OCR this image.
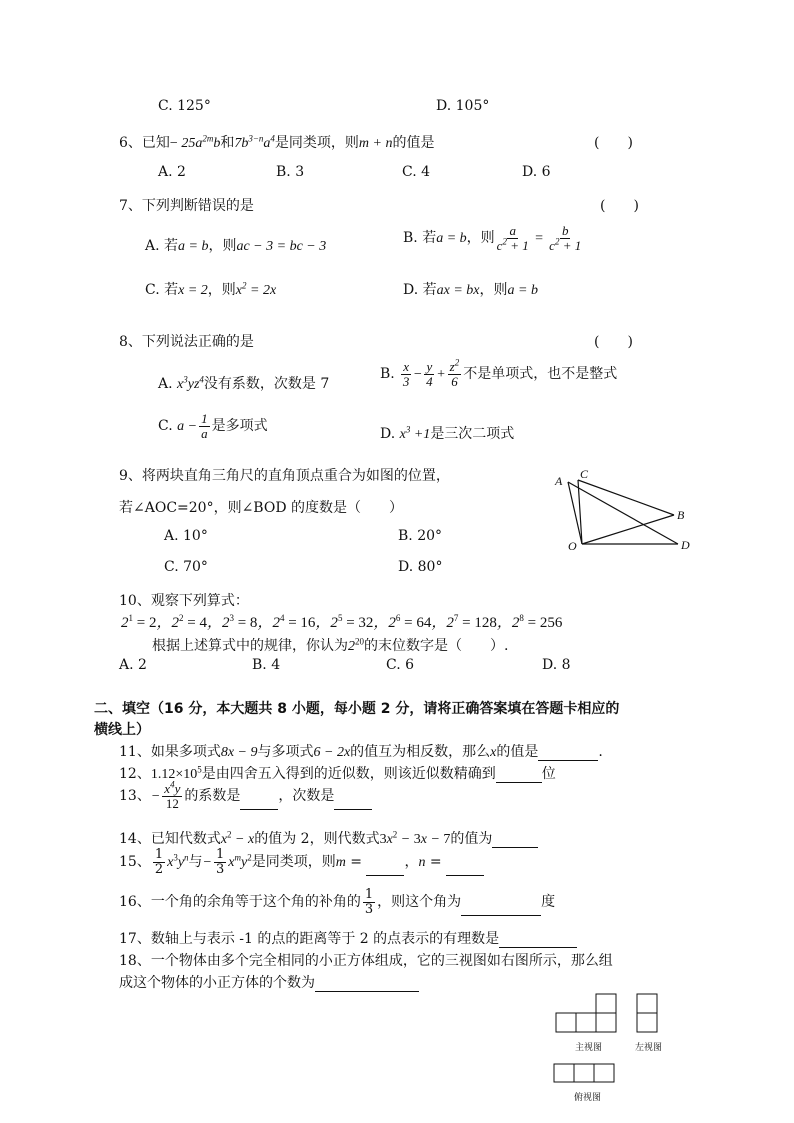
C. 125°	D. 105°
6、已知− $25a^{2m}b$和$7b^{3-n}a^4$是同类项，则m + n的值是	(　　)
A. 2	B. 3	C. 4	D. 6
7、下列判断错误的是	(　　)
A. 若a = b，则ac − 3 = bc − 3
B. 若a = b，则 $\frac{a}{c^2 + 1} = \frac{b}{c^2 + 1}$
C. 若x = 2，则$x^2 = 2x$	D. 若ax = bx，则a = b
8、下列说法正确的是	(　　)
A. $x^3yz^4$没有系数，次数是 7
B. $\frac{x}{3} - \frac{y}{4} + \frac{z^2}{6}$ 不是单项式，也不是整式
C. $a - \frac{1}{a}$ 是多项式	D. $x^3 +1$是三次二项式
9、将两块直角三角尺的直角顶点重合为如图的位置，
若∠AOC=20°，则∠BOD 的度数是（　　）
A. 10°	B. 20°
C. 70°	D. 80°
A C
B
O	D
10、观察下列算式：
$2^1 = 2$，$2^2 = 4$，$2^3 = 8$，$2^4 = 16$，$2^5 = 32$，$2^6 = 64$，$2^7 = 128$，$2^8 = 256$
根据上述算式中的规律，你认为$2^{20}$的末位数字是（　　）.
A. 2	B. 4	C. 6	D. 8
二、填空（16 分，本大题共 8 小题，每小题 2 分，请将正确答案填在答题卡相应的
横线上）
11、如果多项式8x − 9与多项式6 − 2x的值互为相反数，那么x的值是	.
12、$1.12\times 10^5$是由四舍五入得到的近似数，则该近似数精确到	位
13、− $\frac{x^4y}{12}$ 的系数是	，次数是
14、已知代数式$x^2 - x$的值为 2，则代数式$3x^2 - 3x - 7$的值为
15、 $\frac{1}{2} x^3y^n$与− $\frac{1}{3} x^my^2$是同类项，则m =	，n =
16、一个角的余角等于这个角的补角的 $\frac{1}{3}$ ，则这个角为	度
17、数轴上与表示 -1 的点的距离等于 2 的点表示的有理数是
18、一个物体由多个完全相同的小正方体组成，它的三视图如右图所示，那么组
成这个物体的小正方体的个数为
主视图	左视图
俯视图
